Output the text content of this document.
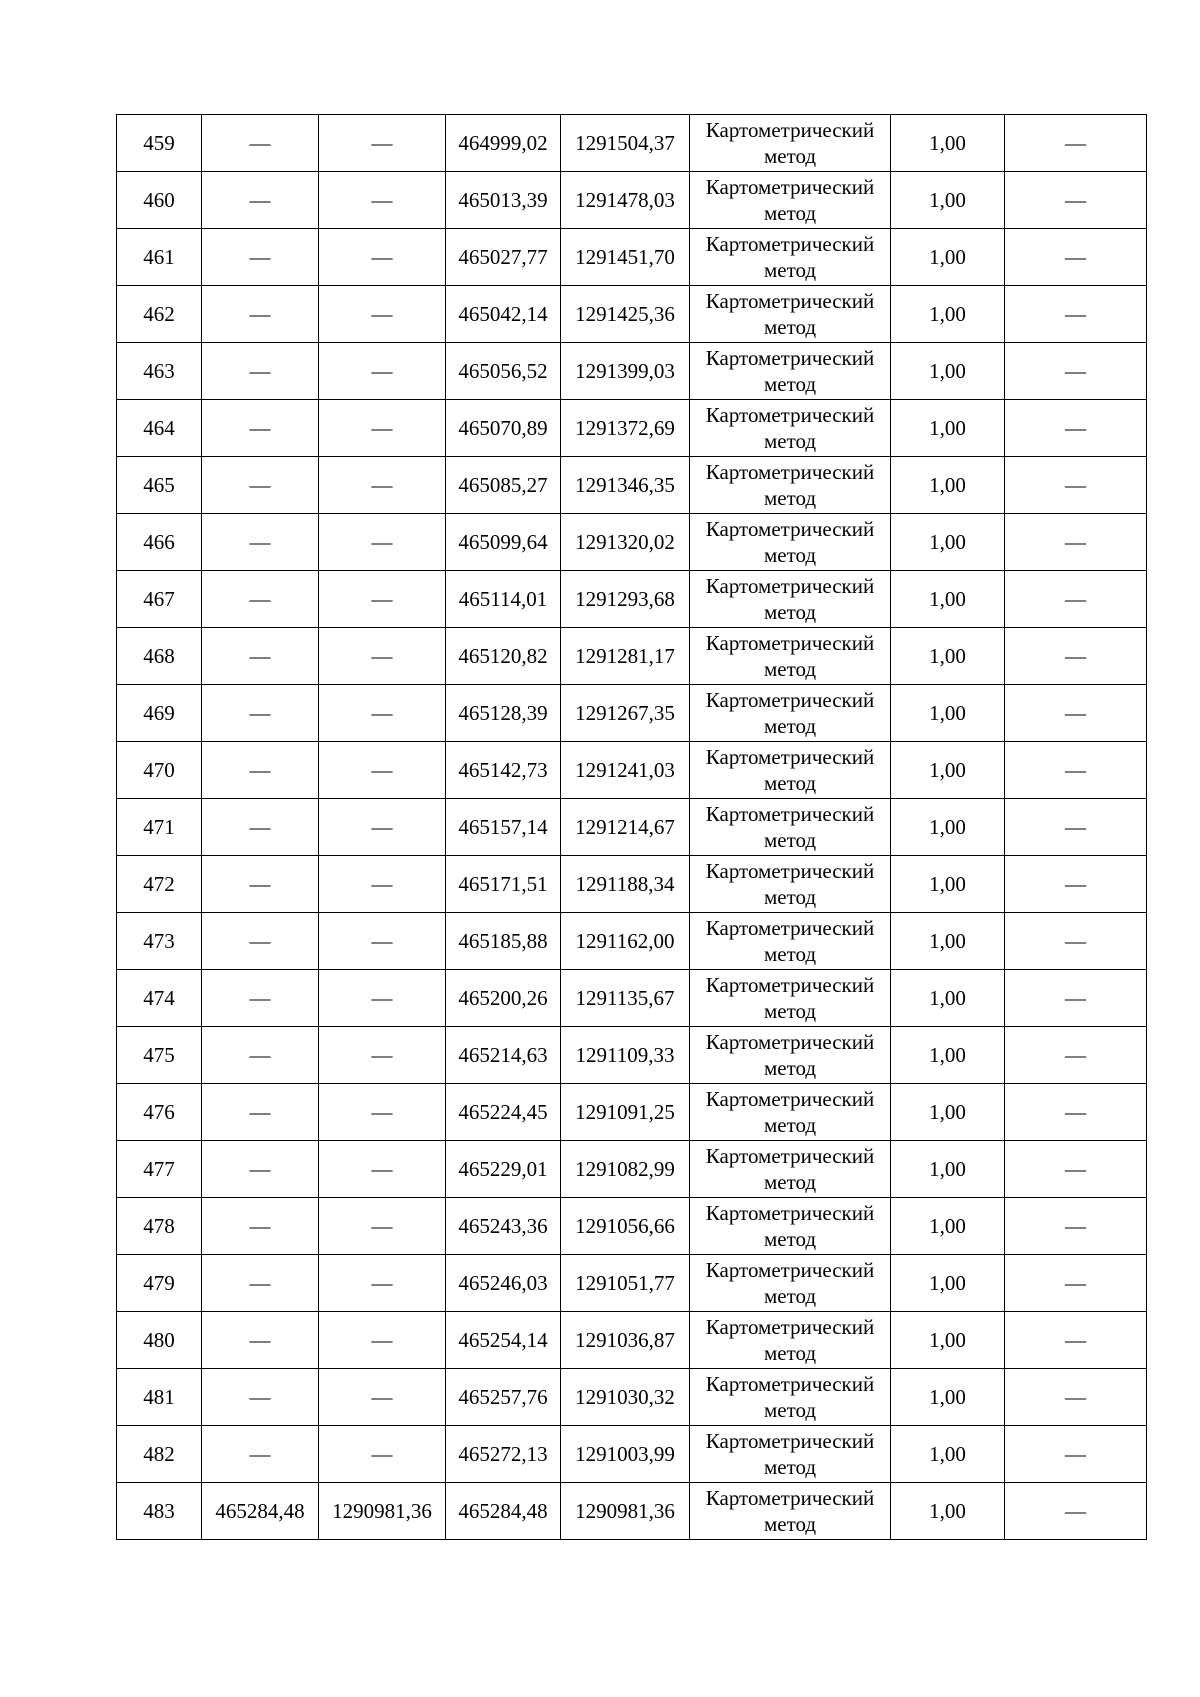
459	—	—	464999,02	1291504,37	Картометрический
метод	1,00	—
460	—	—	465013,39	1291478,03	Картометрический
метод	1,00	—
461	—	—	465027,77	1291451,70	Картометрический
метод	1,00	—
462	—	—	465042,14	1291425,36	Картометрический
метод	1,00	—
463	—	—	465056,52	1291399,03	Картометрический
метод	1,00	—
464	—	—	465070,89	1291372,69	Картометрический
метод	1,00	—
465	—	—	465085,27	1291346,35	Картометрический
метод	1,00	—
466	—	—	465099,64	1291320,02	Картометрический
метод	1,00	—
467	—	—	465114,01	1291293,68	Картометрический
метод	1,00	—
468	—	—	465120,82	1291281,17	Картометрический
метод	1,00	—
469	—	—	465128,39	1291267,35	Картометрический
метод	1,00	—
470	—	—	465142,73	1291241,03	Картометрический
метод	1,00	—
471	—	—	465157,14	1291214,67	Картометрический
метод	1,00	—
472	—	—	465171,51	1291188,34	Картометрический
метод	1,00	—
473	—	—	465185,88	1291162,00	Картометрический
метод	1,00	—
474	—	—	465200,26	1291135,67	Картометрический
метод	1,00	—
475	—	—	465214,63	1291109,33	Картометрический
метод	1,00	—
476	—	—	465224,45	1291091,25	Картометрический
метод	1,00	—
477	—	—	465229,01	1291082,99	Картометрический
метод	1,00	—
478	—	—	465243,36	1291056,66	Картометрический
метод	1,00	—
479	—	—	465246,03	1291051,77	Картометрический
метод	1,00	—
480	—	—	465254,14	1291036,87	Картометрический
метод	1,00	—
481	—	—	465257,76	1291030,32	Картометрический
метод	1,00	—
482	—	—	465272,13	1291003,99	Картометрический
метод	1,00	—
483	465284,48	1290981,36	465284,48	1290981,36	Картометрический
метод	1,00	—
